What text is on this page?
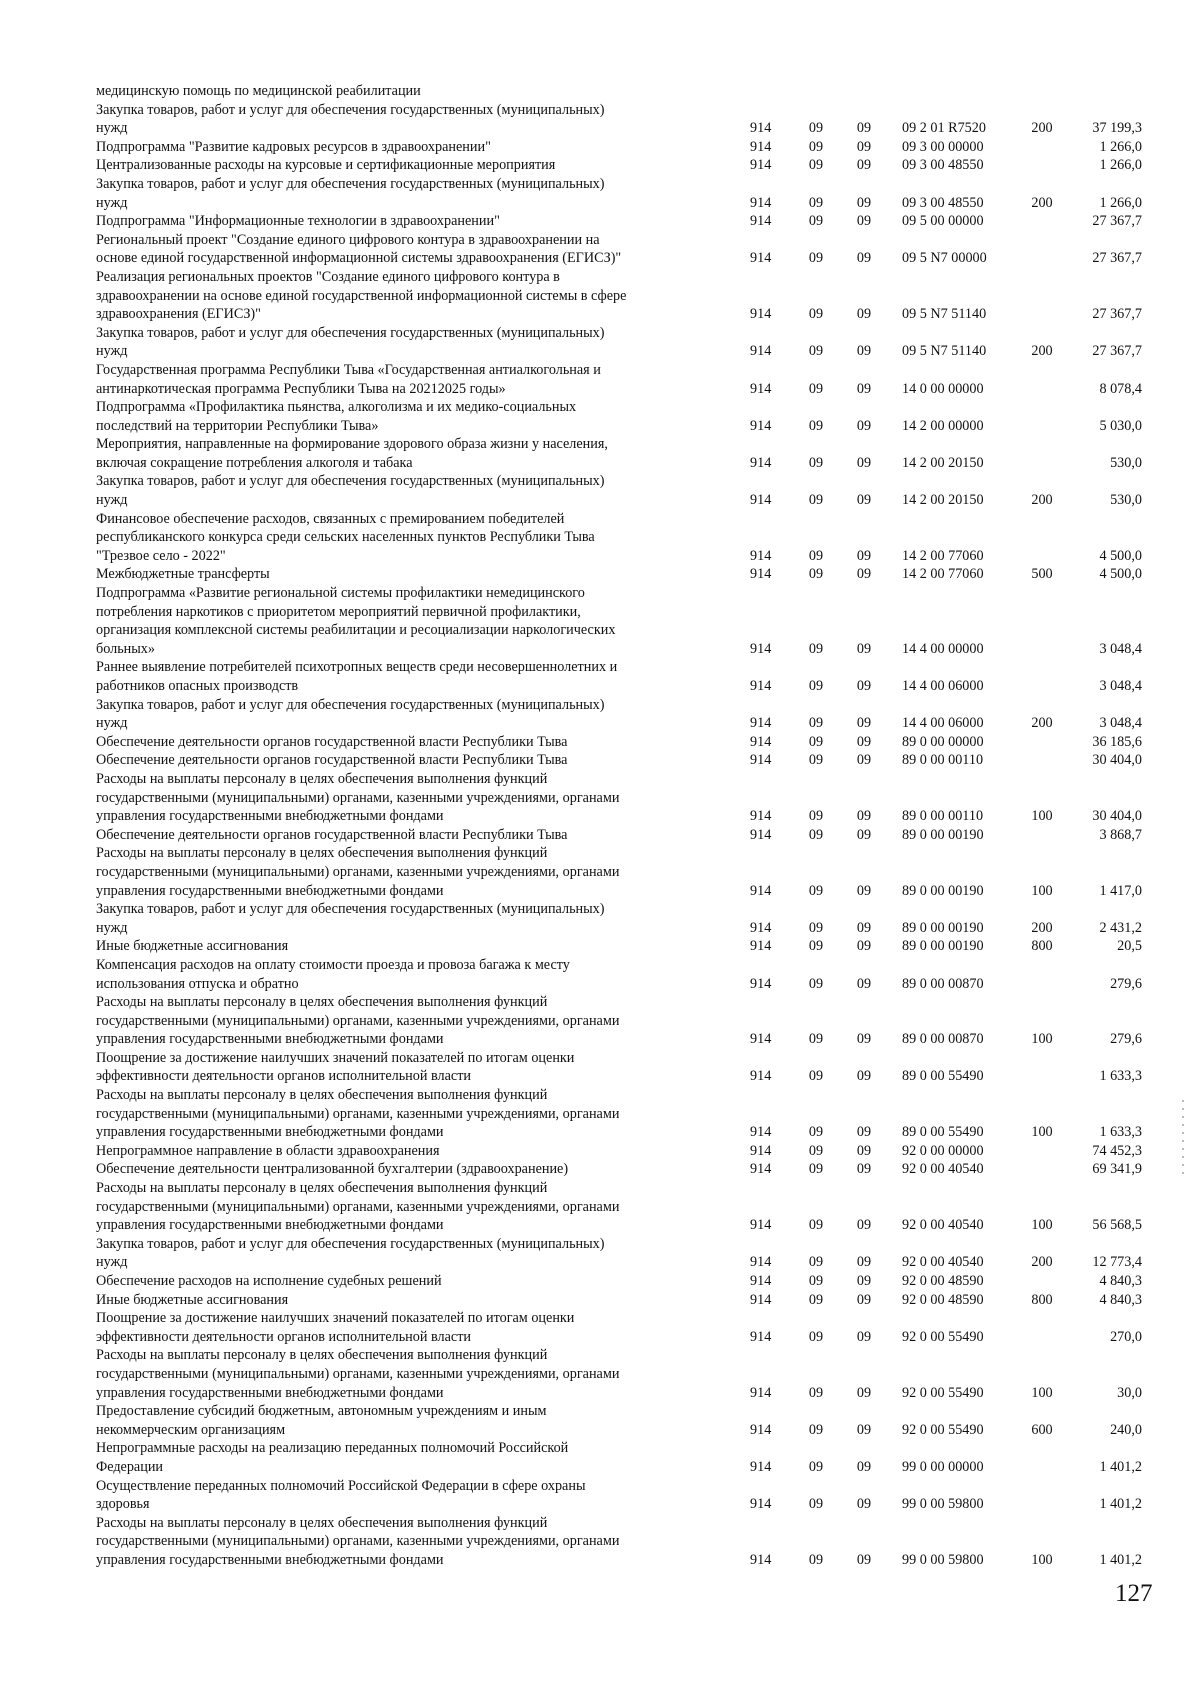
медицинскую помощь по медицинской реабилитации
Закупка товаров, работ и услуг для обеспечения государственных (муниципальных)
нужд	914	09	09	09 2 01 R7520	200	37 199,3
Подпрограмма "Развитие кадровых ресурсов в здравоохранении"	914	09	09	09 3 00 00000	1 266,0
Централизованные расходы на курсовые и сертификационные мероприятия	914	09	09	09 3 00 48550	1 266,0
Закупка товаров, работ и услуг для обеспечения государственных (муниципальных)
нужд	914	09	09	09 3 00 48550	200	1 266,0
Подпрограмма "Информационные технологии в здравоохранении"	914	09	09	09 5 00 00000	27 367,7
Региональный проект "Создание единого цифрового контура в здравоохранении на
основе единой государственной информационной системы здравоохранения (ЕГИСЗ)"	914	09	09	09 5 N7 00000	27 367,7
Реализация региональных проектов "Создание единого цифрового контура в
здравоохранении на основе единой государственной информационной системы в сфере
здравоохранения (ЕГИСЗ)"	914	09	09	09 5 N7 51140	27 367,7
Закупка товаров, работ и услуг для обеспечения государственных (муниципальных)
нужд	914	09	09	09 5 N7 51140	200	27 367,7
Государственная программа Республики Тыва «Государственная антиалкогольная и
антинаркотическая программа Республики Тыва на 20212025 годы»	914	09	09	14 0 00 00000	8 078,4
Подпрограмма «Профилактика пьянства, алкоголизма и их медико-социальных
последствий на территории Республики Тыва»	914	09	09	14 2 00 00000	5 030,0
Мероприятия, направленные на формирование здорового образа жизни у населения,
включая сокращение потребления алкоголя и табака	914	09	09	14 2 00 20150	530,0
Закупка товаров, работ и услуг для обеспечения государственных (муниципальных)
нужд	914	09	09	14 2 00 20150	200	530,0
Финансовое обеспечение расходов, связанных с премированием победителей
республиканского конкурса среди сельских населенных пунктов Республики Тыва
"Трезвое село - 2022"	914	09	09	14 2 00 77060	4 500,0
Межбюджетные трансферты	914	09	09	14 2 00 77060	500	4 500,0
Подпрограмма «Развитие региональной системы профилактики немедицинского
потребления наркотиков с приоритетом мероприятий первичной профилактики,
организация комплексной системы реабилитации и ресоциализации наркологических
больных»	914	09	09	14 4 00 00000	3 048,4
Раннее выявление потребителей психотропных веществ среди несовершеннолетних и
работников опасных производств	914	09	09	14 4 00 06000	3 048,4
Закупка товаров, работ и услуг для обеспечения государственных (муниципальных)
нужд	914	09	09	14 4 00 06000	200	3 048,4
Обеспечение деятельности органов государственной власти Республики Тыва	914	09	09	89 0 00 00000	36 185,6
Обеспечение деятельности органов государственной власти Республики Тыва	914	09	09	89 0 00 00110	30 404,0
Расходы на выплаты персоналу в целях обеспечения выполнения функций
государственными (муниципальными) органами, казенными учреждениями, органами
управления государственными внебюджетными фондами	914	09	09	89 0 00 00110	100	30 404,0
Обеспечение деятельности органов государственной власти Республики Тыва	914	09	09	89 0 00 00190	3 868,7
Расходы на выплаты персоналу в целях обеспечения выполнения функций
государственными (муниципальными) органами, казенными учреждениями, органами
управления государственными внебюджетными фондами	914	09	09	89 0 00 00190	100	1 417,0
Закупка товаров, работ и услуг для обеспечения государственных (муниципальных)
нужд	914	09	09	89 0 00 00190	200	2 431,2
Иные бюджетные ассигнования	914	09	09	89 0 00 00190	800	20,5
Компенсация расходов на оплату стоимости проезда и провоза багажа к месту
использования отпуска и обратно	914	09	09	89 0 00 00870	279,6
Расходы на выплаты персоналу в целях обеспечения выполнения функций
государственными (муниципальными) органами, казенными учреждениями, органами
управления государственными внебюджетными фондами	914	09	09	89 0 00 00870	100	279,6
Поощрение за достижение наилучших значений показателей по итогам оценки
эффективности деятельности органов исполнительной власти	914	09	09	89 0 00 55490	1 633,3
Расходы на выплаты персоналу в целях обеспечения выполнения функций
государственными (муниципальными) органами, казенными учреждениями, органами
управления государственными внебюджетными фондами	914	09	09	89 0 00 55490	100	1 633,3
Непрограммное направление в области здравоохранения	914	09	09	92 0 00 00000	74 452,3
Обеспечение деятельности централизованной бухгалтерии (здравоохранение)	914	09	09	92 0 00 40540	69 341,9
Расходы на выплаты персоналу в целях обеспечения выполнения функций
государственными (муниципальными) органами, казенными учреждениями, органами
управления государственными внебюджетными фондами	914	09	09	92 0 00 40540	100	56 568,5
Закупка товаров, работ и услуг для обеспечения государственных (муниципальных)
нужд	914	09	09	92 0 00 40540	200	12 773,4
Обеспечение расходов на исполнение судебных решений	914	09	09	92 0 00 48590	4 840,3
Иные бюджетные ассигнования	914	09	09	92 0 00 48590	800	4 840,3
Поощрение за достижение наилучших значений показателей по итогам оценки
эффективности деятельности органов исполнительной власти	914	09	09	92 0 00 55490	270,0
Расходы на выплаты персоналу в целях обеспечения выполнения функций
государственными (муниципальными) органами, казенными учреждениями, органами
управления государственными внебюджетными фондами	914	09	09	92 0 00 55490	100	30,0
Предоставление субсидий бюджетным, автономным учреждениям и иным
некоммерческим организациям	914	09	09	92 0 00 55490	600	240,0
Непрограммные расходы на реализацию переданных полномочий Российской
Федерации	914	09	09	99 0 00 00000	1 401,2
Осуществление переданных полномочий Российской Федерации в сфере охраны
здоровья	914	09	09	99 0 00 59800	1 401,2
Расходы на выплаты персоналу в целях обеспечения выполнения функций
государственными (муниципальными) органами, казенными учреждениями, органами
управления государственными внебюджетными фондами	914	09	09	99 0 00 59800	100	1 401,2
127
